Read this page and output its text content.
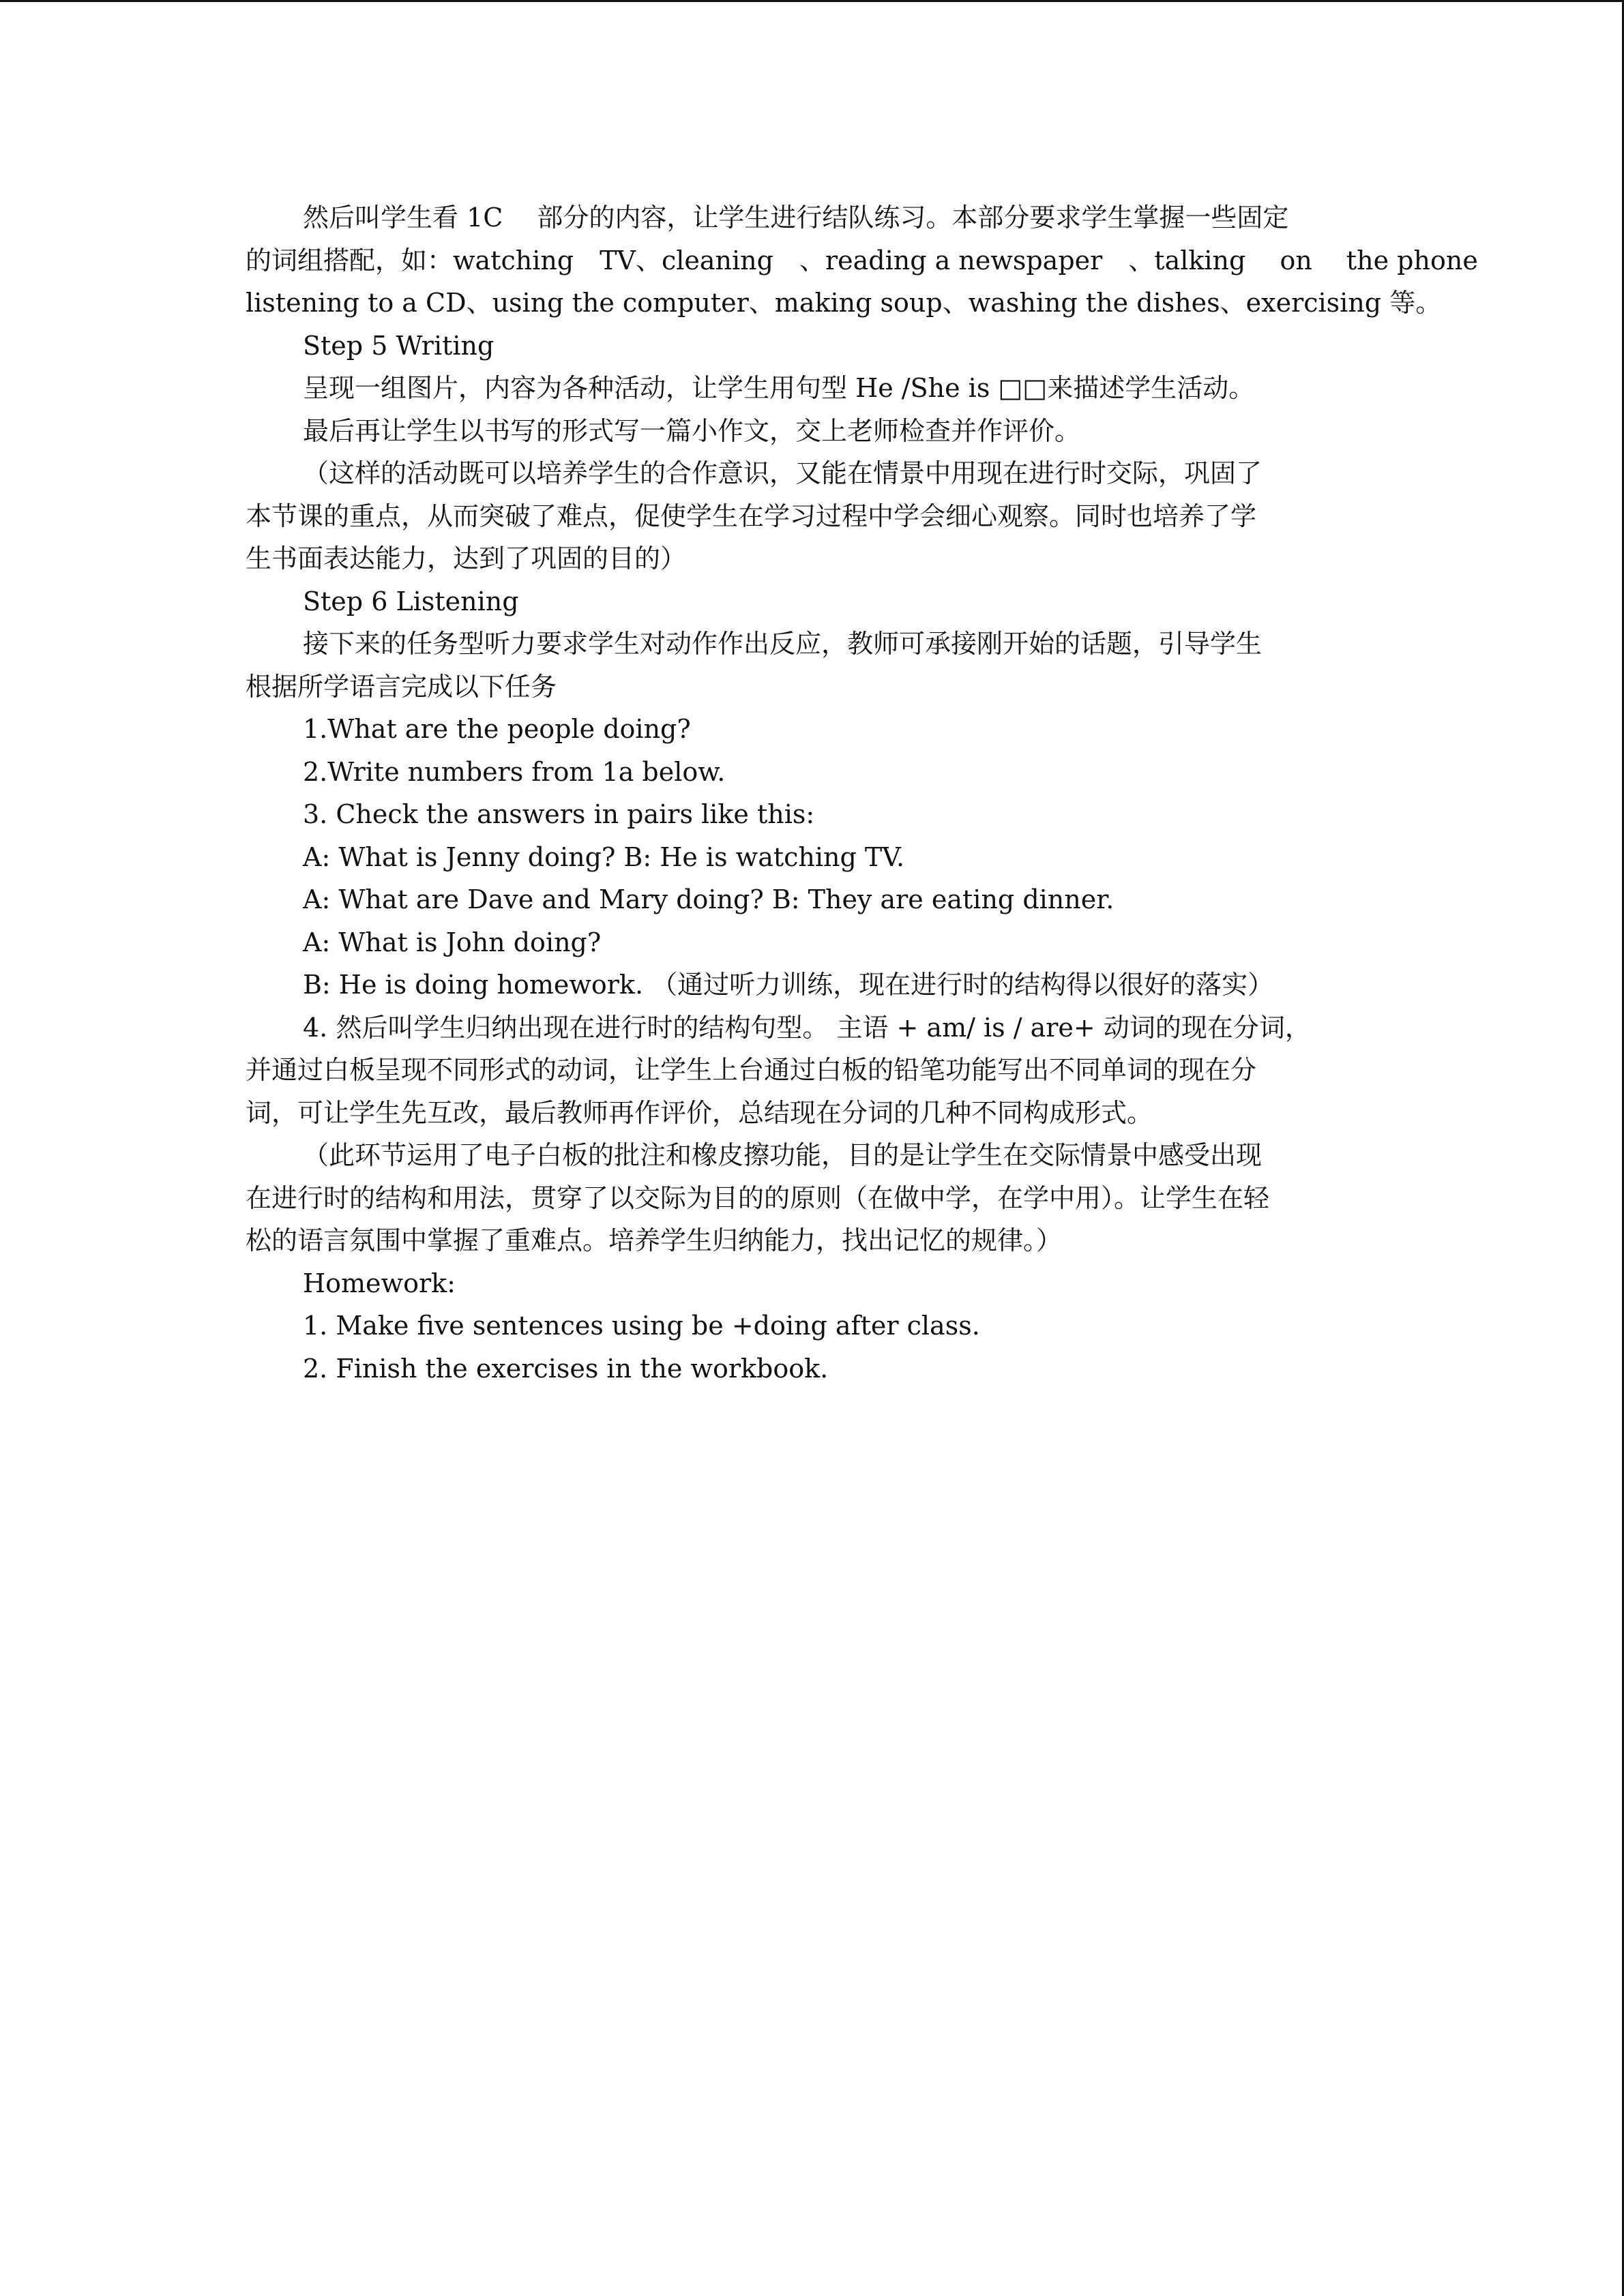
然后叫学生看 1C　 部分的内容，让学生进行结队练习。本部分要求学生掌握一些固定
的词组搭配，如：watching　TV、cleaning　、reading a newspaper　、talking　 on　 the phone
listening to a CD、using the computer、making soup、washing the dishes、exercising 等。
Step 5 Writing
呈现一组图片，内容为各种活动，让学生用句型 He /She is □□来描述学生活动。
最后再让学生以书写的形式写一篇小作文，交上老师检查并作评价。
（这样的活动既可以培养学生的合作意识，又能在情景中用现在进行时交际，巩固了
本节课的重点，从而突破了难点，促使学生在学习过程中学会细心观察。同时也培养了学
生书面表达能力，达到了巩固的目的）
Step 6 Listening
接下来的任务型听力要求学生对动作作出反应，教师可承接刚开始的话题，引导学生
根据所学语言完成以下任务
1.What are the people doing?
2.Write numbers from 1a below.
3. Check the answers in pairs like this:
A: What is Jenny doing? B: He is watching TV.
A: What are Dave and Mary doing? B: They are eating dinner.
A: What is John doing?
B: He is doing homework. （通过听力训练，现在进行时的结构得以很好的落实）
4. 然后叫学生归纳出现在进行时的结构句型。 主语 + am/ is / are+ 动词的现在分词，
并通过白板呈现不同形式的动词，让学生上台通过白板的铅笔功能写出不同单词的现在分
词，可让学生先互改，最后教师再作评价，总结现在分词的几种不同构成形式。
（此环节运用了电子白板的批注和橡皮擦功能，目的是让学生在交际情景中感受出现
在进行时的结构和用法，贯穿了以交际为目的的原则（在做中学，在学中用）。让学生在轻
松的语言氛围中掌握了重难点。培养学生归纳能力，找出记忆的规律。）
Homework:
1. Make five sentences using be +doing after class.
2. Finish the exercises in the workbook.
